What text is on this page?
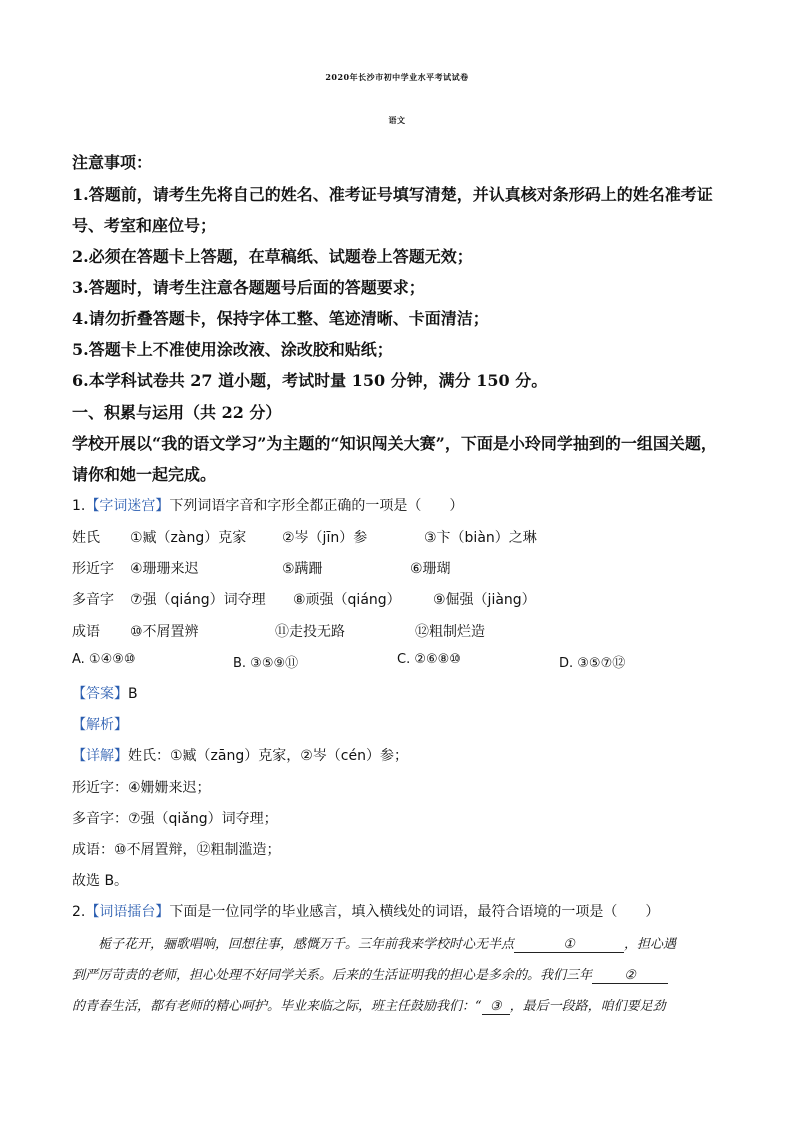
2020年长沙市初中学业水平考试试卷
语文
注意事项：
1.答题前，请考生先将自己的姓名、准考证号填写清楚，并认真核对条形码上的姓名准考证
号、考室和座位号；
2.必须在答题卡上答题，在草稿纸、试题卷上答题无效；
3.答题时，请考生注意各题题号后面的答题要求；
4.请勿折叠答题卡，保持字体工整、笔迹清晰、卡面清洁；
5.答题卡上不准使用涂改液、涂改胶和贴纸；
6.本学科试卷共 27 道小题，考试时量 150 分钟，满分 150 分。
一、积累与运用（共 22 分）
学校开展以“我的语文学习”为主题的“知识闯关大赛”，下面是小玲同学抽到的一组国关题，
请你和她一起完成。
1.【字词迷宫】下列词语字音和字形全都正确的一项是（　　）
姓氏 ①臧（zàng）克家	②岑（jīn）参	③卞（biàn）之琳
形近字 ④珊珊来迟	⑤蹒跚	⑥珊瑚
多音字 ⑦强（qiáng）词夺理 ⑧顽强（qiáng） ⑨倔强（jiàng）
成语 ⑩不屑置辨	⑪走投无路	⑫粗制烂造
A. ①④⑨⑩	B. ③⑤⑨⑪	C. ②⑥⑧⑩	D. ③⑤⑦⑫
【答案】B
【解析】
【详解】姓氏：①臧（zāng）克家，②岑（cén）参；
形近字：④姗姗来迟；
多音字：⑦强（qiǎng）词夺理；
成语：⑩不屑置辩，⑫粗制滥造；
故选 B。
2.【词语擂台】下面是一位同学的毕业感言，填入横线处的词语，最符合语境的一项是（　　）
　　栀子花开，骊歌唱响，回想往事，感慨万千。三年前我来学校时心无半点	①	，担心遇
到严厉苛责的老师，担心处理不好同学关系。后来的生活证明我的担心是多余的。我们三年 ②
的青春生活，都有老师的精心呵护。毕业来临之际，班主任鼓励我们：“ ③ ，最后一段路，咱们要足劲
